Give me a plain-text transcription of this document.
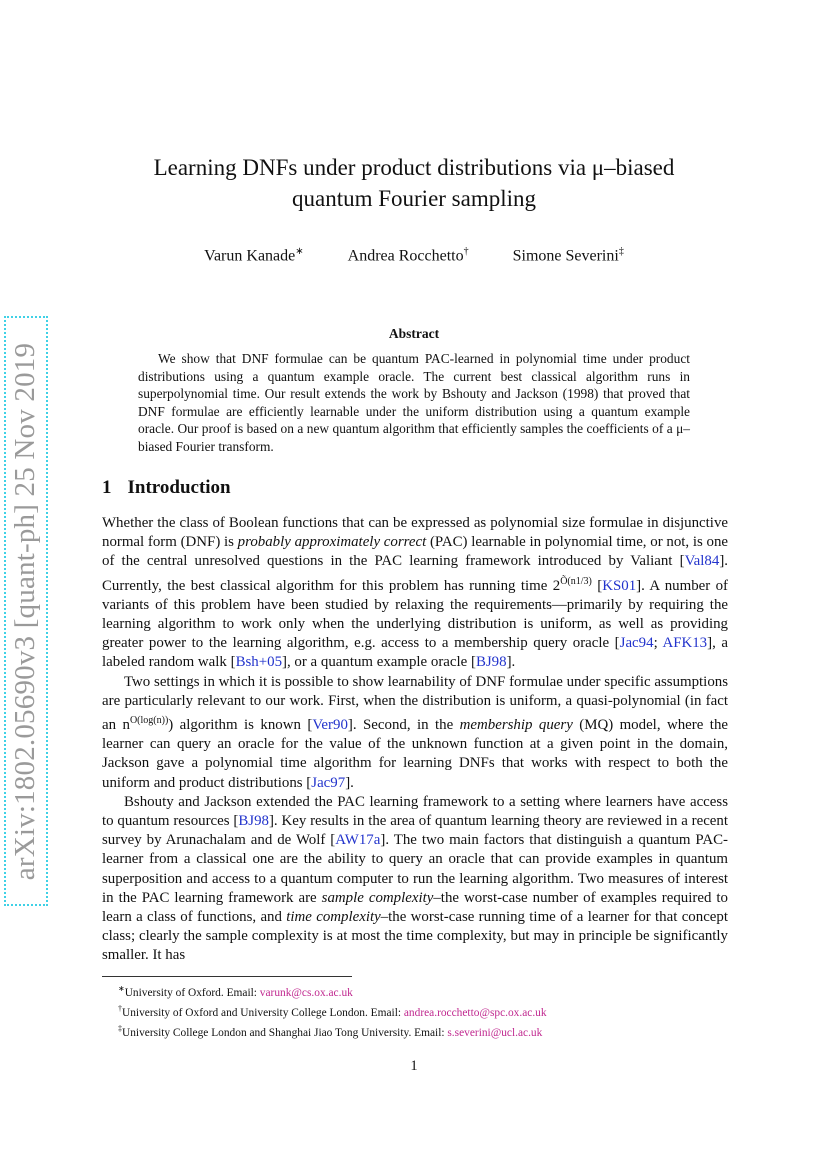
arXiv:1802.05690v3 [quant-ph] 25 Nov 2019
Learning DNFs under product distributions via μ–biased
quantum Fourier sampling
Varun Kanade∗	Andrea Rocchetto†	Simone Severini‡
Abstract

We show that DNF formulae can be quantum PAC-learned in polynomial time under product distributions using a quantum example oracle. The current best classical algorithm runs in superpolynomial time. Our result extends the work by Bshouty and Jackson (1998) that proved that DNF formulae are efficiently learnable under the uniform distribution using a quantum example oracle. Our proof is based on a new quantum algorithm that efficiently samples the coefficients of a μ–biased Fourier transform.

1 Introduction

Whether the class of Boolean functions that can be expressed as polynomial size formulae in disjunctive normal form (DNF) is probably approximately correct (PAC) learnable in polynomial time, or not, is one of the central unresolved questions in the PAC learning framework introduced by Valiant [Val84]. Currently, the best classical algorithm for this problem has running time $2^{Õ(n1/3)}$ [KS01]. A number of variants of this problem have been studied by relaxing the requirements—primarily by requiring the learning algorithm to work only when the underlying distribution is uniform, as well as providing greater power to the learning algorithm, e.g. access to a membership query oracle [Jac94; AFK13], a labeled random walk [Bsh+05], or a quantum example oracle [BJ98].

Two settings in which it is possible to show learnability of DNF formulae under specific assumptions are particularly relevant to our work. First, when the distribution is uniform, a quasi-polynomial (in fact an $n^{O(log(n))}$) algorithm is known [Ver90]. Second, in the membership query (MQ) model, where the learner can query an oracle for the value of the unknown function at a given point in the domain, Jackson gave a polynomial time algorithm for learning DNFs that works with respect to both the uniform and product distributions [Jac97].

Bshouty and Jackson extended the PAC learning framework to a setting where learners have access to quantum resources [BJ98]. Key results in the area of quantum learning theory are reviewed in a recent survey by Arunachalam and de Wolf [AW17a]. The two main factors that distinguish a quantum PAC-learner from a classical one are the ability to query an oracle that can provide examples in quantum superposition and access to a quantum computer to run the learning algorithm. Two measures of interest in the PAC learning framework are sample complexity–the worst-case number of examples required to learn a class of functions, and time complexity–the worst-case running time of a learner for that concept class; clearly the sample complexity is at most the time complexity, but may in principle be significantly smaller. It has

∗University of Oxford. Email: varunk@cs.ox.ac.uk
†University of Oxford and University College London. Email: andrea.rocchetto@spc.ox.ac.uk
‡University College London and Shanghai Jiao Tong University. Email: s.severini@ucl.ac.uk
1
